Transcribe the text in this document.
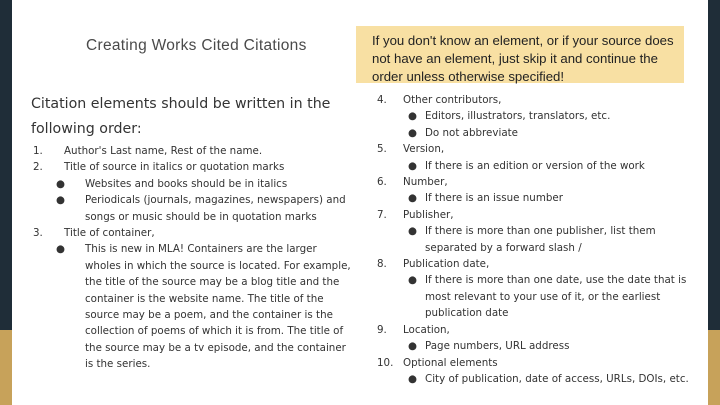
Creating Works Cited Citations	If you don't know an element, or if your source does not have an element, just skip it and continue the order unless otherwise specified!
Citation elements should be written in the following order:
1.	Author's Last name, Rest of the name.
2.	Title of source in italics or quotation marks
●	Websites and books should be in italics
●	Periodicals (journals, magazines, newspapers) and songs or music should be in quotation marks
3.	Title of container,
●	This is new in MLA! Containers are the larger wholes in which the source is located. For example, the title of the source may be a blog title and the container is the website name. The title of the source may be a poem, and the container is the collection of poems of which it is from. The title of the source may be a tv episode, and the container is the series.
4.	Other contributors,
● Editors, illustrators, translators, etc.
● Do not abbreviate
5.	Version,
● If there is an edition or version of the work
6.	Number,
● If there is an issue number
7.	Publisher,
● If there is more than one publisher, list them separated by a forward slash /
8.	Publication date,
● If there is more than one date, use the date that is most relevant to your use of it, or the earliest publication date
9.	Location,
● Page numbers, URL address
10. Optional elements
● City of publication, date of access, URLs, DOIs, etc.
